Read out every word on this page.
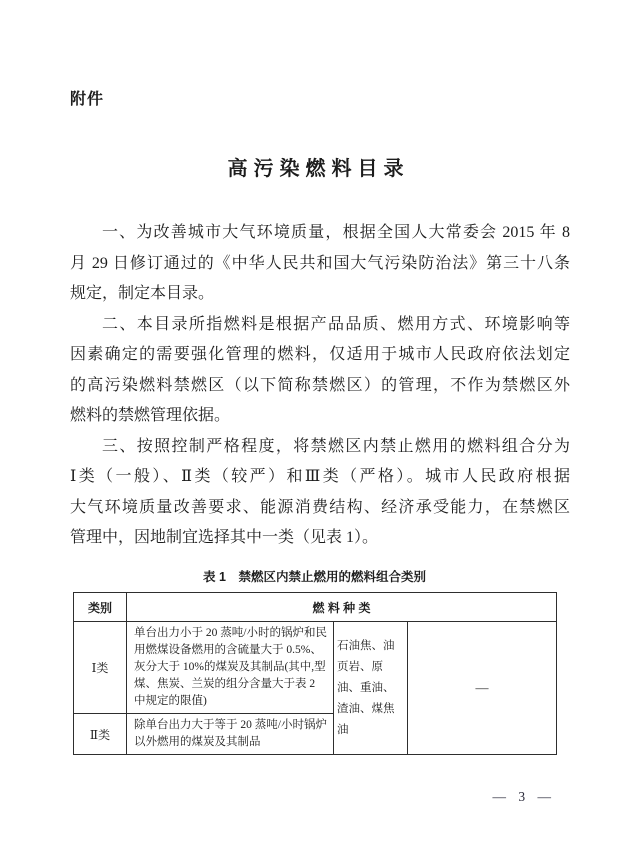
附件
高污染燃料目录
一、为改善城市大气环境质量，根据全国人大常委会 2015 年 8
月 29 日修订通过的《中华人民共和国大气污染防治法》第三十八条
规定，制定本目录。
二、本目录所指燃料是根据产品品质、燃用方式、环境影响等
因素确定的需要强化管理的燃料，仅适用于城市人民政府依法划定
的高污染燃料禁燃区（以下简称禁燃区）的管理，不作为禁燃区外
燃料的禁燃管理依据。
三、按照控制严格程度，将禁燃区内禁止燃用的燃料组合分为
Ⅰ类（一般）、Ⅱ类（较严）和Ⅲ类（严格）。城市人民政府根据
大气环境质量改善要求、能源消费结构、经济承受能力，在禁燃区
管理中，因地制宜选择其中一类（见表 1）。
表 1　禁燃区内禁止燃用的燃料组合类别
类别	燃 料 种 类		
Ⅰ类	单台出力小于 20 蒸吨/小时的锅炉和民用燃煤设备燃用的含硫量大于 0.5%、灰分大于 10%的煤炭及其制品(其中,型煤、焦炭、兰炭的组分含量大于表 2 中规定的限值)	石油焦、油页岩、原油、重油、渣油、煤焦油	—
Ⅱ类	除单台出力大于等于 20 蒸吨/小时锅炉以外燃用的煤炭及其制品		
— 3 —
